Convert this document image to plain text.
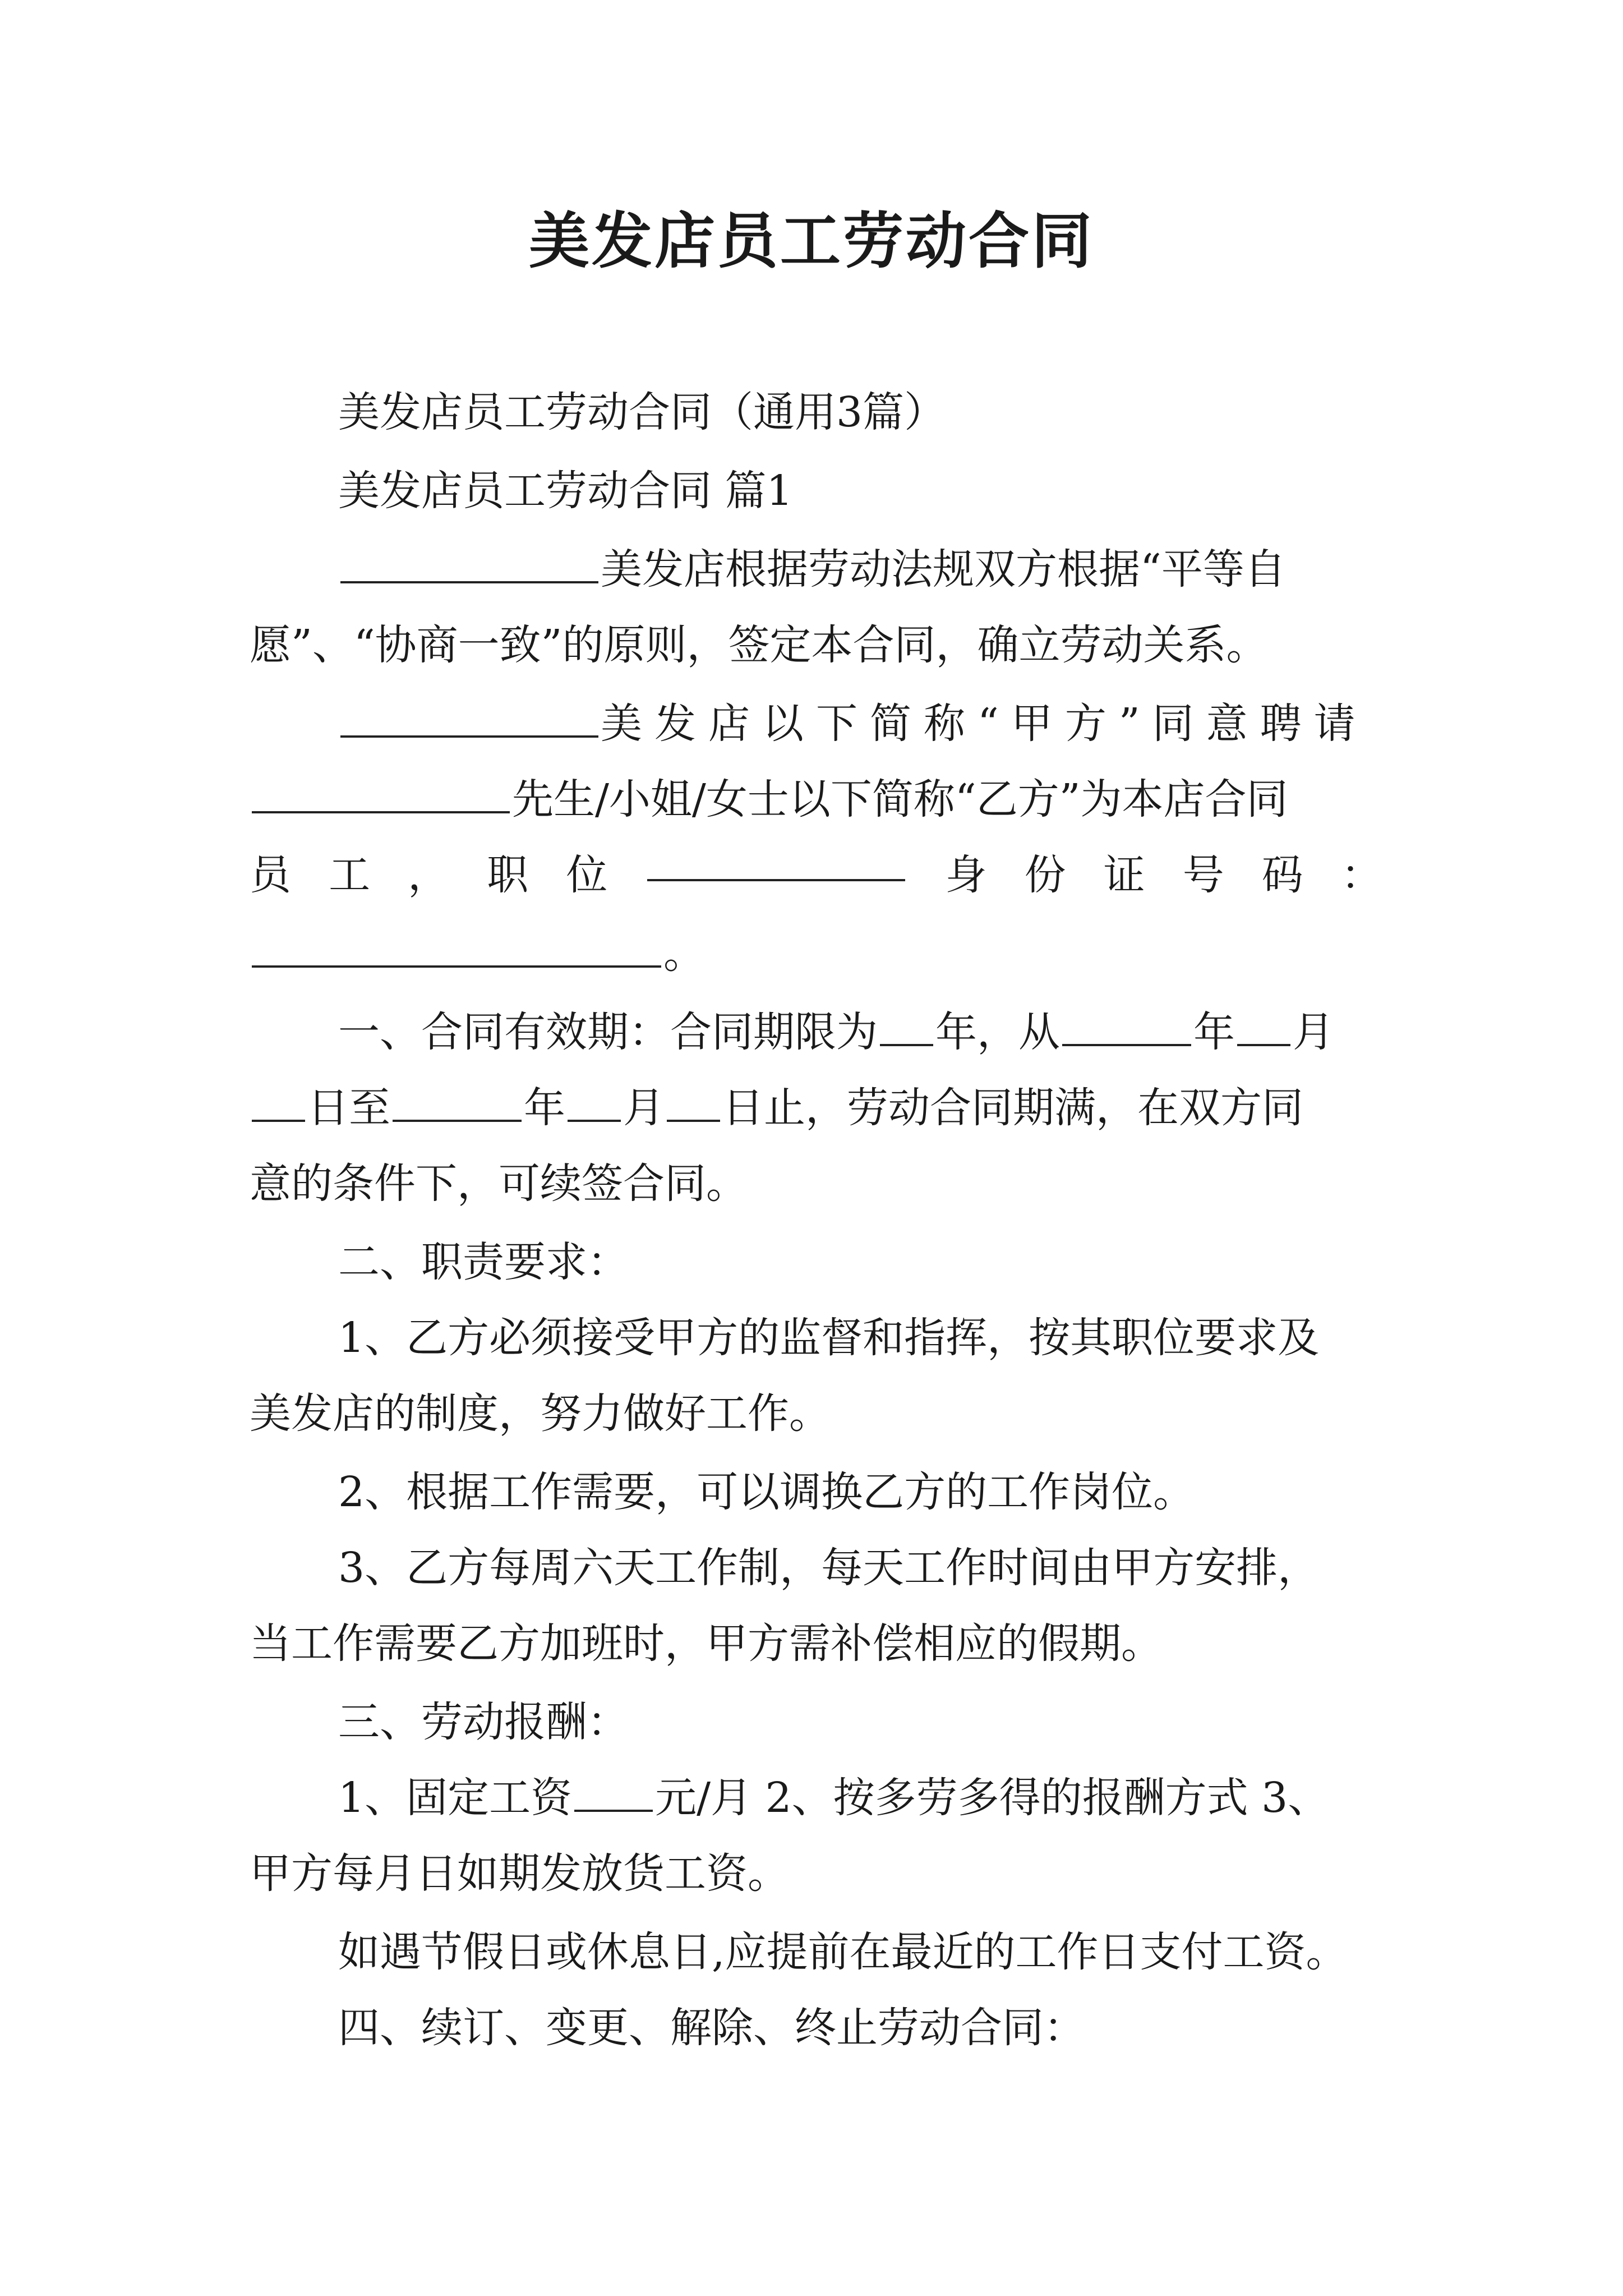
美发店员工劳动合同
美发店员工劳动合同（通用3篇）
美发店员工劳动合同 篇1
美发店根据劳动法规双方根据“平等自
愿”、“协商一致”的原则，签定本合同，确立劳动关系。
美发店以下简称“甲方”同意聘请
先生/小姐/女士以下简称“乙方”为本店合同
员 工 ， 职 位	身 份 证 号 码 ：
。
一、合同有效期：合同期限为 年，从	年 月
日至	年 月 日止，劳动合同期满，在双方同
意的条件下，可续签合同。
二、职责要求：
1、乙方必须接受甲方的监督和指挥，按其职位要求及
美发店的制度，努力做好工作。
2、根据工作需要，可以调换乙方的工作岗位。
3、乙方每周六天工作制，每天工作时间由甲方安排，
当工作需要乙方加班时，甲方需补偿相应的假期。
三、劳动报酬：
1、固定工资 元/月 2、按多劳多得的报酬方式 3、
甲方每月日如期发放货工资。
如遇节假日或休息日,应提前在最近的工作日支付工资。
四、续订、变更、解除、终止劳动合同：
